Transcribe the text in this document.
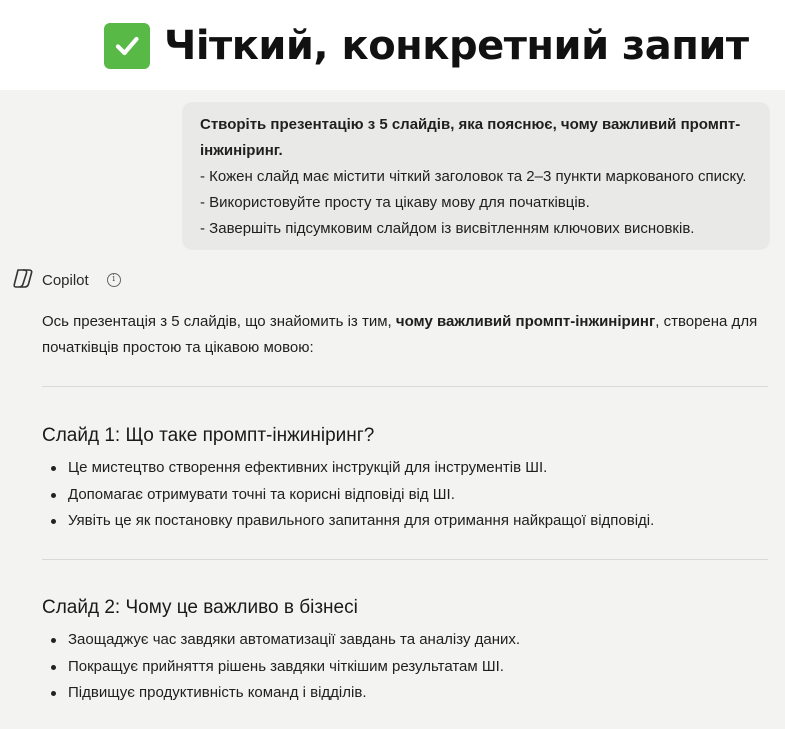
Чіткий, конкретний запит
Створіть презентацію з 5 слайдів, яка пояснює, чому важливий промпт-
інжиніринг.
- Кожен слайд має містити чіткий заголовок та 2–3 пункти маркованого списку.
- Використовуйте просту та цікаву мову для початківців.
- Завершіть підсумковим слайдом із висвітленням ключових висновків.
Copilot	i
Ось презентація з 5 слайдів, що знайомить із тим, чому важливий промпт-інжиніринг, створена для початківців простою та цікавою мовою:
Слайд 1: Що таке промпт-інжиніринг?
Це мистецтво створення ефективних інструкцій для інструментів ШІ.
Допомагає отримувати точні та корисні відповіді від ШІ.
Уявіть це як постановку правильного запитання для отримання найкращої відповіді.
Слайд 2: Чому це важливо в бізнесі
Заощаджує час завдяки автоматизації завдань та аналізу даних.
Покращує прийняття рішень завдяки чіткішим результатам ШІ.
Підвищує продуктивність команд і відділів.
